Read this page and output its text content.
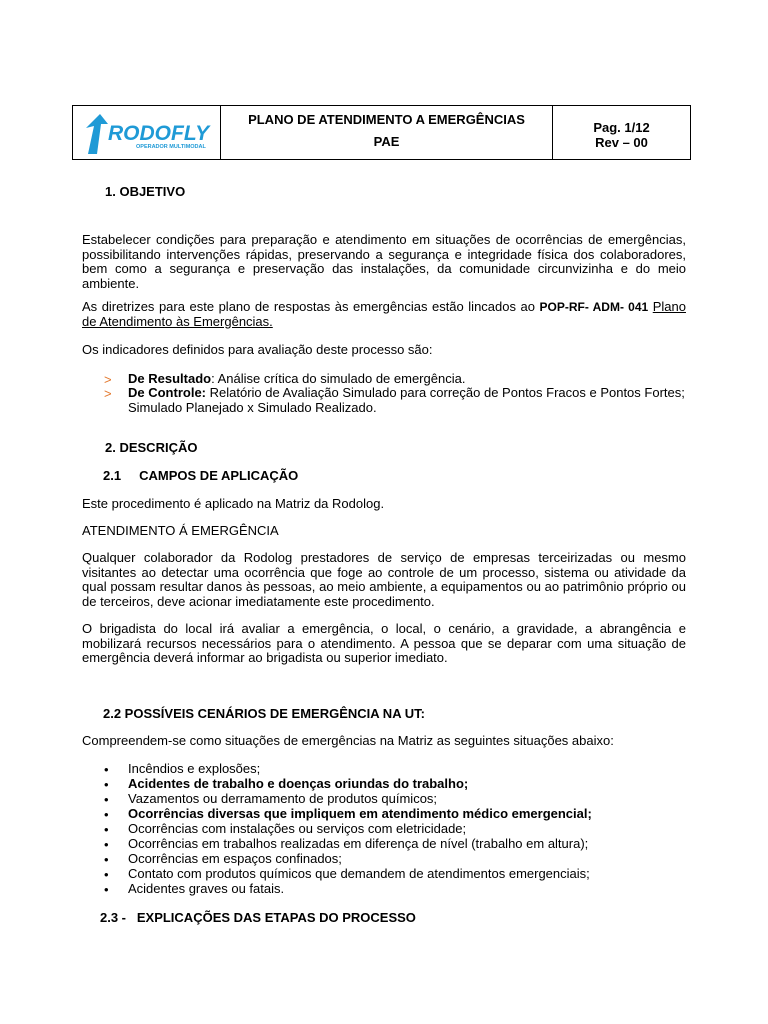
RODOFLY
OPERADOR MULTIMODAL
PLANO DE ATENDIMENTO A EMERGÊNCIAS
PAE
Pag. 1/12
Rev – 00
1. OBJETIVO
Estabelecer condições para preparação e atendimento em situações de ocorrências de emergências, possibilitando intervenções rápidas, preservando a segurança e integridade física dos colaboradores, bem como a segurança e preservação das instalações, da comunidade circunvizinha e do meio ambiente.
As diretrizes para este plano de respostas às emergências estão lincados ao POP-RF- ADM- 041 Plano de Atendimento às Emergências.
Os indicadores definidos para avaliação deste processo são:
> De Resultado: Análise crítica do simulado de emergência.
> De Controle: Relatório de Avaliação Simulado para correção de Pontos Fracos e Pontos Fortes;
Simulado Planejado x Simulado Realizado.
2. DESCRIÇÃO
2.1     CAMPOS DE APLICAÇÃO
Este procedimento é aplicado na Matriz da Rodolog.
ATENDIMENTO Á EMERGÊNCIA
Qualquer colaborador da Rodolog prestadores de serviço de empresas terceirizadas ou mesmo visitantes ao detectar uma ocorrência que foge ao controle de um processo, sistema ou atividade da qual possam resultar danos às pessoas, ao meio ambiente, a equipamentos ou ao patrimônio próprio ou de terceiros, deve acionar imediatamente este procedimento.
O brigadista do local irá avaliar a emergência, o local, o cenário, a gravidade, a abrangência e mobilizará recursos necessários para o atendimento. A pessoa que se deparar com uma situação de emergência deverá informar ao brigadista ou superior imediato.
2.2 POSSÍVEIS CENÁRIOS DE EMERGÊNCIA NA UT:
Compreendem-se como situações de emergências na Matriz as seguintes situações abaixo:
• Incêndios e explosões;
• Acidentes de trabalho e doenças oriundas do trabalho;
• Vazamentos ou derramamento de produtos químicos;
• Ocorrências diversas que impliquem em atendimento médico emergencial;
• Ocorrências com instalações ou serviços com eletricidade;
• Ocorrências em trabalhos realizadas em diferença de nível (trabalho em altura);
• Ocorrências em espaços confinados;
• Contato com produtos químicos que demandem de atendimentos emergenciais;
• Acidentes graves ou fatais.
2.3 -   EXPLICAÇÕES DAS ETAPAS DO PROCESSO
